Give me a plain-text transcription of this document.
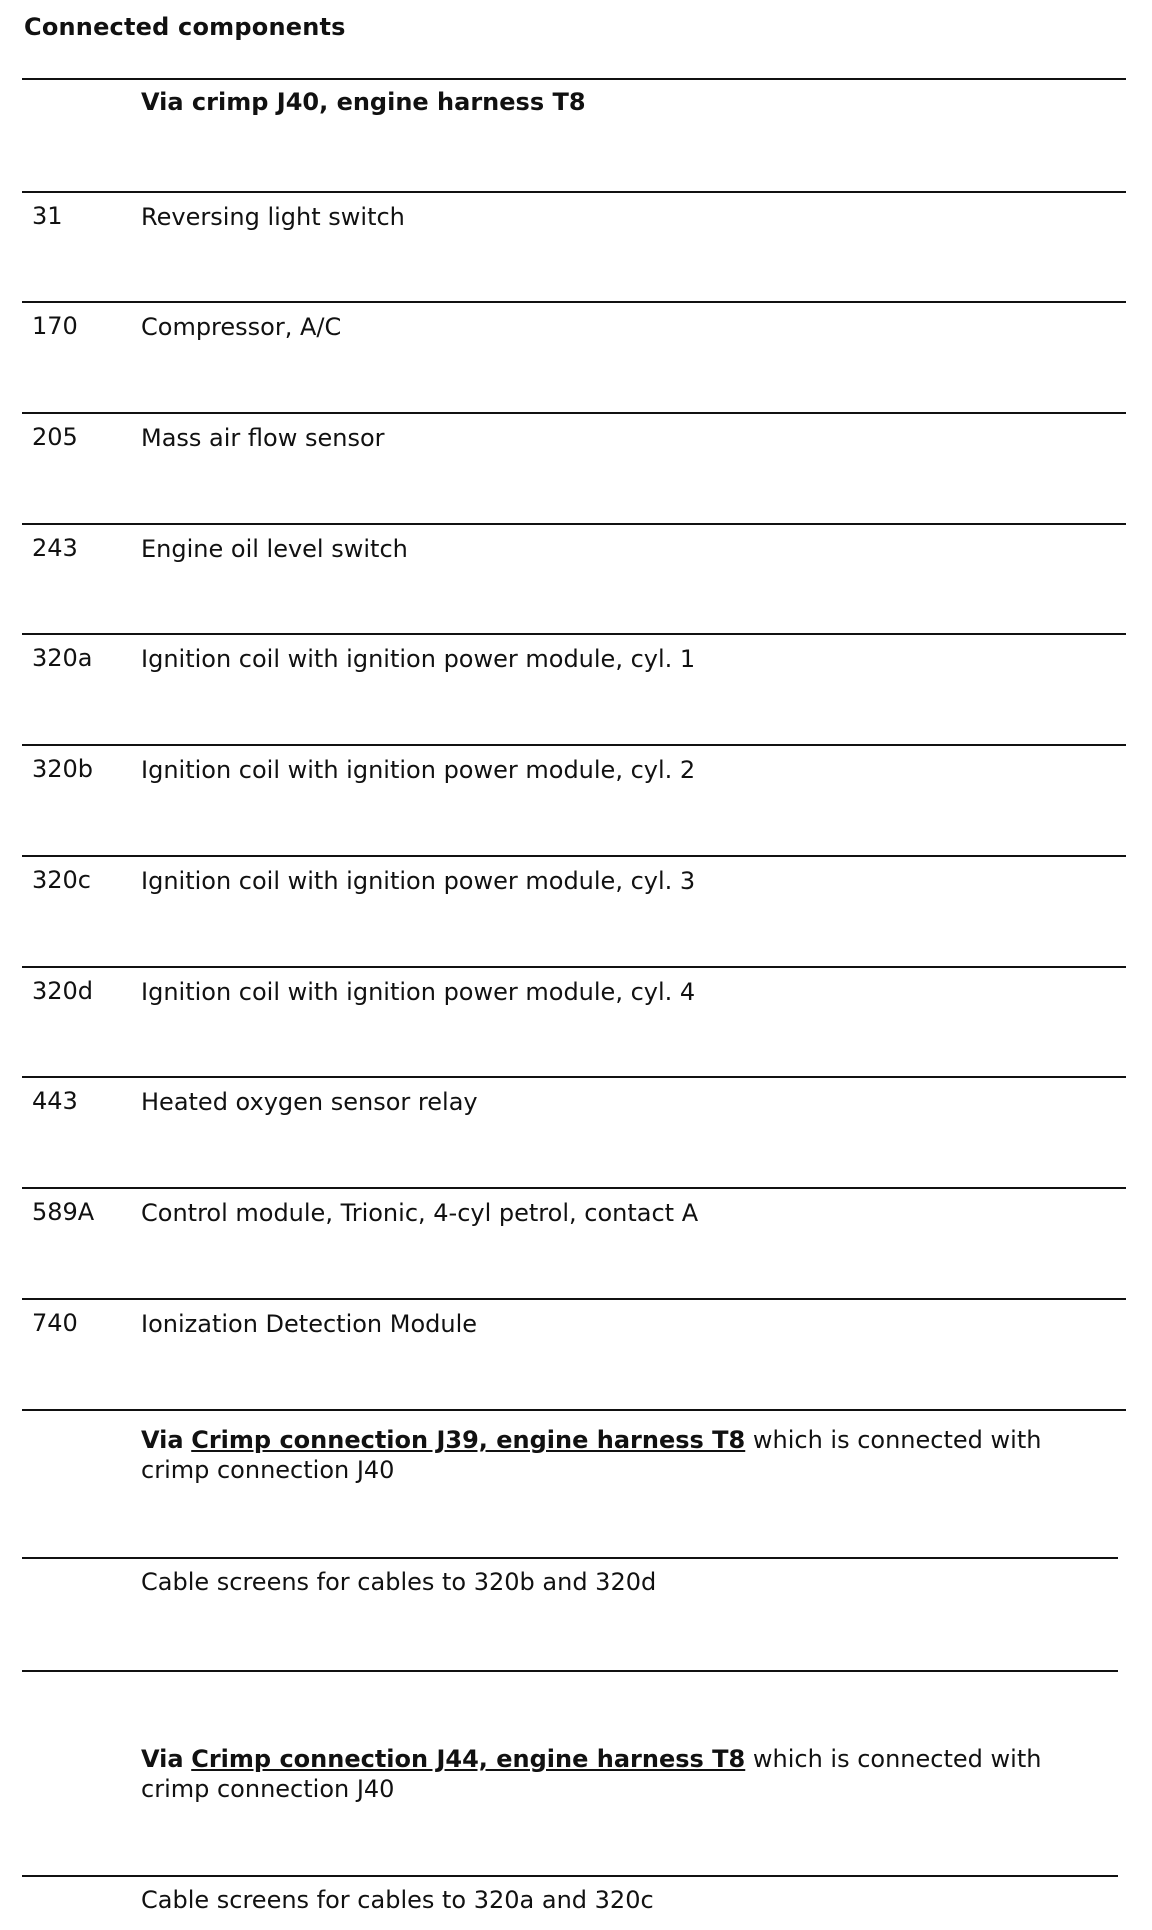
Connected components
Via crimp J40, engine harness T8
31	Reversing light switch
170	Compressor, A/C
205	Mass air flow sensor
243	Engine oil level switch
320a Ignition coil with ignition power module, cyl. 1
320b Ignition coil with ignition power module, cyl. 2
320c Ignition coil with ignition power module, cyl. 3
320d Ignition coil with ignition power module, cyl. 4
443	Heated oxygen sensor relay
589A Control module, Trionic, 4-cyl petrol, contact A
740	Ionization Detection Module
Via Crimp connection J39, engine harness T8 which is connected with
crimp connection J40
Cable screens for cables to 320b and 320d
Via Crimp connection J44, engine harness T8 which is connected with
crimp connection J40
Cable screens for cables to 320a and 320c
